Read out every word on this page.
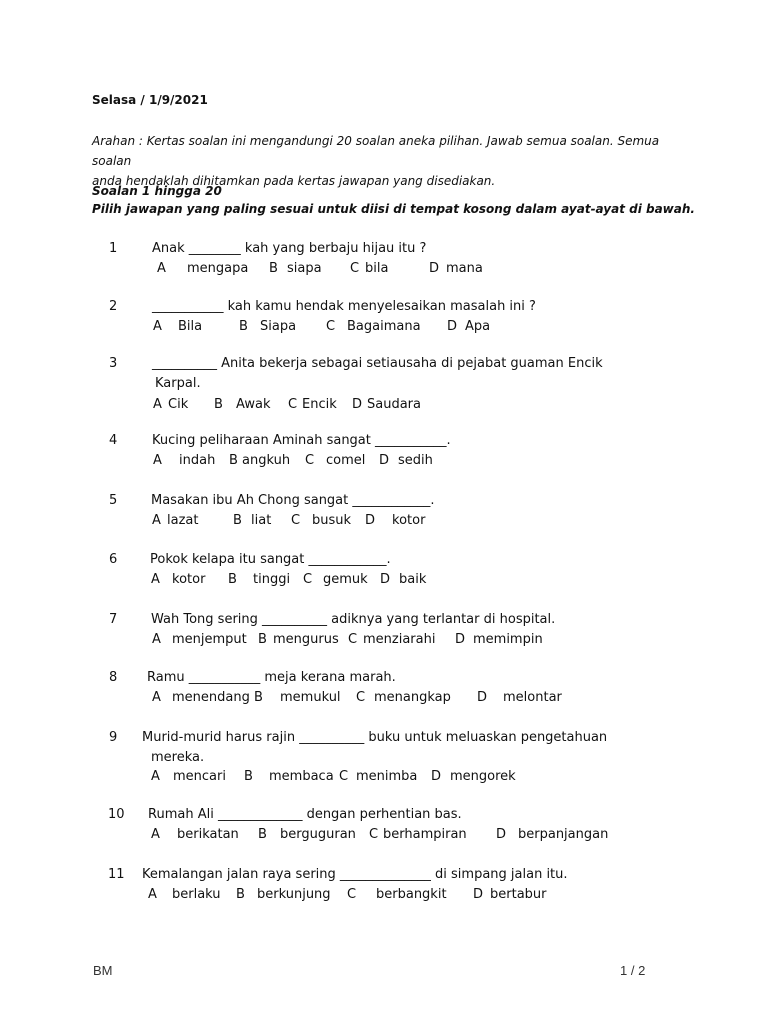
Selasa / 1/9/2021
Arahan : Kertas soalan ini mengandungi 20 soalan aneka pilihan. Jawab semua soalan. Semua soalan
anda hendaklah dihitamkan pada kertas jawapan yang disediakan.
Soalan 1 hingga 20
Pilih jawapan yang paling sesuai untuk diisi di tempat kosong dalam ayat-ayat di bawah.
1	Anak ________ kah yang berbaju hijau itu ?
A mengapa B siapa C bila	D mana
2	___________ kah kamu hendak menyelesaikan masalah ini ?
A Bila	B Siapa C Bagaimana D Apa
3	__________ Anita bekerja sebagai setiausaha di pejabat guaman Encik
Karpal.
A Cik B Awak C Encik D Saudara
4	Kucing peliharaan Aminah sangat ___________.
A indah B angkuh C comel D sedih
5	Masakan ibu Ah Chong sangat ____________.
A lazat	B liat C busuk D kotor
6	Pokok kelapa itu sangat ____________.
A kotor B tinggi C gemuk D baik
7	Wah Tong sering __________ adiknya yang terlantar di hospital.
A menjemput B mengurus C menziarahi D memimpin
8 Ramu ___________ meja kerana marah.
A menendang B memukul C menangkap D melontar
9 Murid-murid harus rajin __________ buku untuk meluaskan pengetahuan
mereka.
A mencari B membaca C menimba D mengorek
10 Rumah Ali _____________ dengan perhentian bas.
A berikatan B berguguran C berhampiran D berpanjangan
11 Kemalangan jalan raya sering ______________ di simpang jalan itu.
A berlaku B berkunjung C berbangkit D bertabur
BM	1 / 2
